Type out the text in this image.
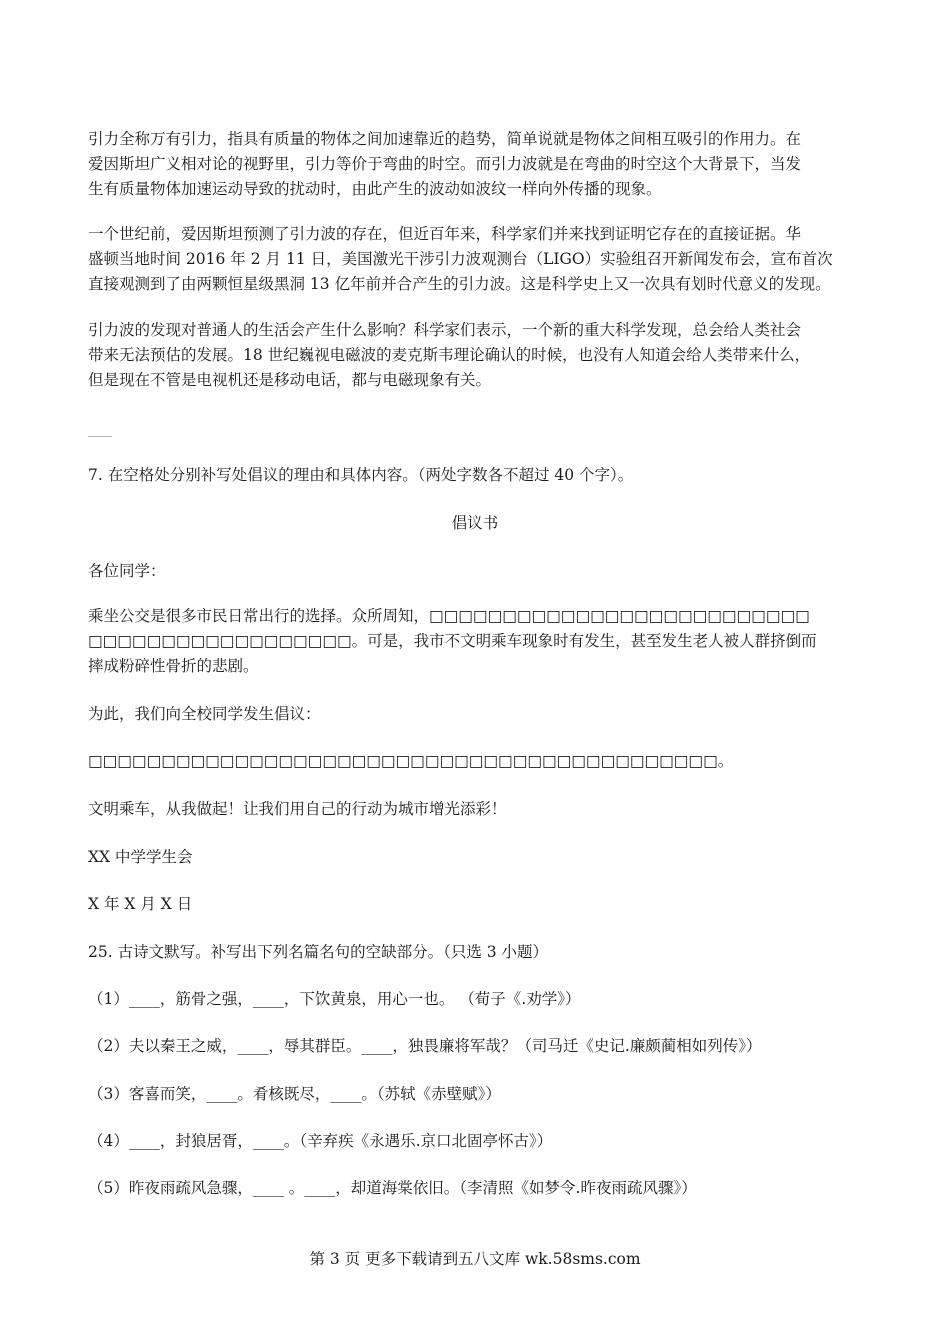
引力全称万有引力，指具有质量的物体之间加速靠近的趋势，简单说就是物体之间相互吸引的作用力。在
爱因斯坦广义相对论的视野里，引力等价于弯曲的时空。而引力波就是在弯曲的时空这个大背景下，当发
生有质量物体加速运动导致的扰动时，由此产生的波动如波纹一样向外传播的现象。
一个世纪前，爱因斯坦预测了引力波的存在，但近百年来，科学家们并来找到证明它存在的直接证据。华
盛顿当地时间 2016 年 2 月 11 日，美国激光干涉引力波观测台（LIGO）实验组召开新闻发布会，宣布首次
直接观测到了由两颗恒星级黑洞 13 亿年前并合产生的引力波。这是科学史上又一次具有划时代意义的发现。
引力波的发现对普通人的生活会产生什么影响？科学家们表示，一个新的重大科学发现，总会给人类社会
带来无法预估的发展。18 世纪巍视电磁波的麦克斯韦理论确认的时候，也没有人知道会给人类带来什么，
但是现在不管是电视机还是移动电话，都与电磁现象有关。
____
7. 在空格处分别补写处倡议的理由和具体内容。（两处字数各不超过 40 个字）。
倡议书
各位同学：
乘坐公交是很多市民日常出行的选择。众所周知，□□□□□□□□□□□□□□□□□□□□□□□□□□
□□□□□□□□□□□□□□□□□□。可是，我市不文明乘车现象时有发生，甚至发生老人被人群挤倒而
摔成粉碎性骨折的悲剧。
为此，我们向全校同学发生倡议：
□□□□□□□□□□□□□□□□□□□□□□□□□□□□□□□□□□□□□□□□□□□。
文明乘车，从我做起！让我们用自己的行动为城市增光添彩！
XX 中学学生会
X 年 X 月 X 日
25. 古诗文默写。补写出下列名篇名句的空缺部分。（只选 3 小题）
（1）____，筋骨之强，____，下饮黄泉，用心一也。 （荀子《.劝学》）
（2）夫以秦王之威，____，辱其群臣。____，独畏廉将军哉？（司马迁《史记.廉颇蔺相如列传》）
（3）客喜而笑，____。肴核既尽，____。（苏轼《赤壁赋》）
（4）____，封狼居胥，____。（辛弃疾《永遇乐.京口北固亭怀古》）
（5）昨夜雨疏风急骤，____ 。____，却道海棠依旧。（李清照《如梦令.昨夜雨疏风骤》）
第 3 页 更多下载请到五八文库 wk.58sms.com
